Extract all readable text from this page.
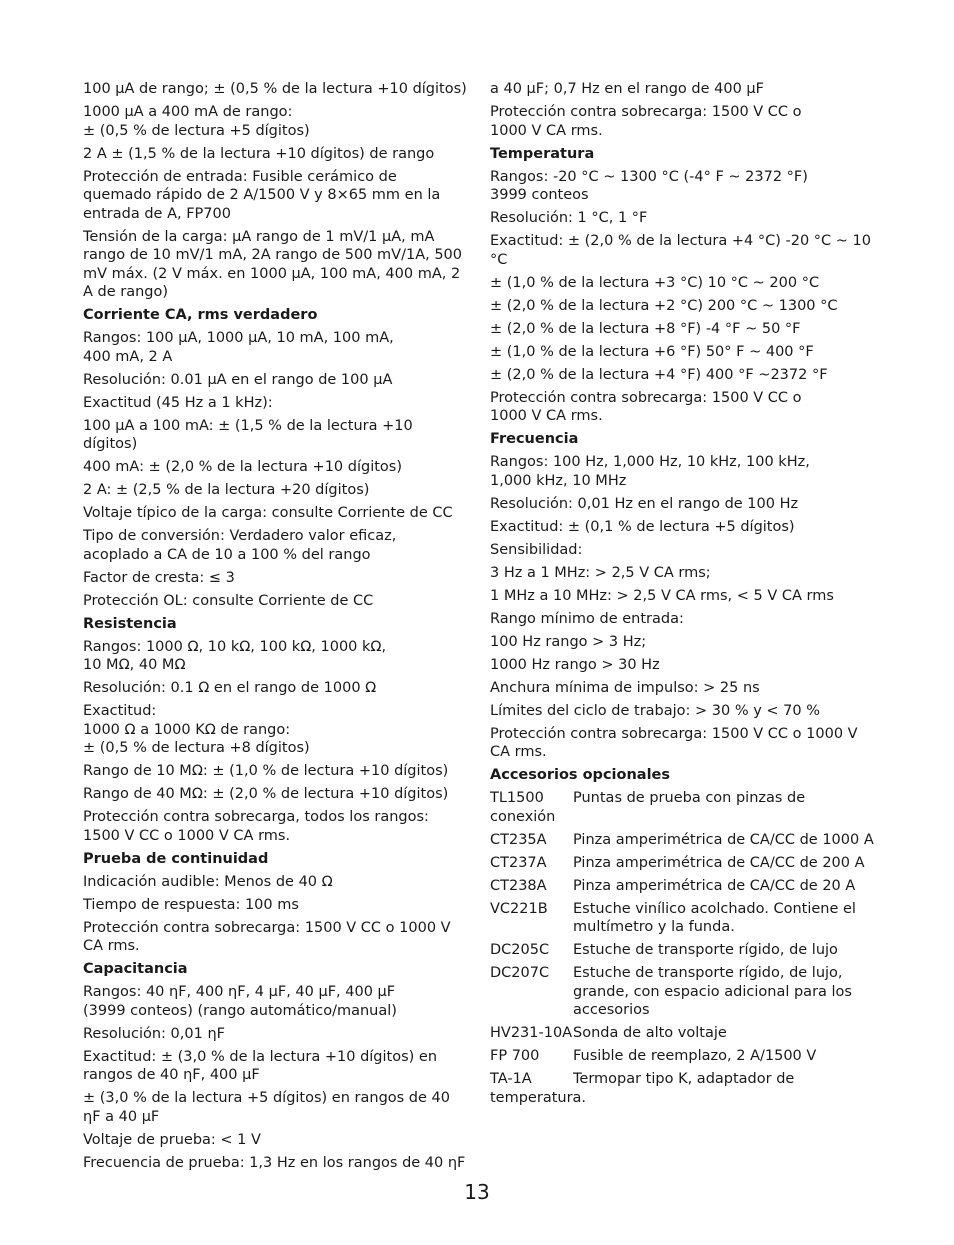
100 µA de rango; ± (0,5 % de la lectura +10 dígitos)
1000 µA a 400 mA de rango:
± (0,5 % de lectura +5 dígitos)
2 A ± (1,5 % de la lectura +10 dígitos) de rango
Protección de entrada: Fusible cerámico de quemado rápido de 2 A/1500 V y 8×65 mm en la entrada de A, FP700
Tensión de la carga: µA rango de 1 mV/1 µA, mA rango de 10 mV/1 mA, 2A rango de 500 mV/1A, 500 mV máx. (2 V máx. en 1000 µA, 100 mA, 400 mA, 2 A de rango)
Corriente CA, rms verdadero
Rangos: 100 µA, 1000 µA, 10 mA, 100 mA,
400 mA, 2 A
Resolución: 0.01 µA en el rango de 100 µA
Exactitud (45 Hz a 1 kHz):
100 µA a 100 mA: ± (1,5 % de la lectura +10 dígitos)
400 mA: ± (2,0 % de la lectura +10 dígitos)
2 A: ± (2,5 % de la lectura +20 dígitos)
Voltaje típico de la carga: consulte Corriente de CC
Tipo de conversión: Verdadero valor eficaz,
acoplado a CA de 10 a 100 % del rango
Factor de cresta: ≤ 3
Protección OL: consulte Corriente de CC
Resistencia
Rangos: 1000 Ω, 10 kΩ, 100 kΩ, 1000 kΩ,
10 MΩ, 40 MΩ
Resolución: 0.1 Ω en el rango de 1000 Ω
Exactitud:
1000 Ω a 1000 KΩ de rango:
± (0,5 % de lectura +8 dígitos)
Rango de 10 MΩ: ± (1,0 % de lectura +10 dígitos)
Rango de 40 MΩ: ± (2,0 % de lectura +10 dígitos)
Protección contra sobrecarga, todos los rangos:
1500 V CC o 1000 V CA rms.
Prueba de continuidad
Indicación audible: Menos de 40 Ω
Tiempo de respuesta: 100 ms
Protección contra sobrecarga: 1500 V CC o 1000 V CA rms.
Capacitancia
Rangos: 40 ηF, 400 ηF, 4 µF, 40 µF, 400 µF
(3999 conteos) (rango automático/manual)
Resolución: 0,01 ηF
Exactitud: ± (3,0 % de la lectura +10 dígitos) en rangos de 40 ηF, 400 µF
± (3,0 % de la lectura +5 dígitos) en rangos de 40 ηF a 40 µF
Voltaje de prueba: < 1 V
Frecuencia de prueba: 1,3 Hz en los rangos de 40 ηF
a 40 µF; 0,7 Hz en el rango de 400 µF
Protección contra sobrecarga: 1500 V CC o
1000 V CA rms.
Temperatura
Rangos: -20 °C ~ 1300 °C (-4° F ~ 2372 °F)
3999 conteos
Resolución: 1 °C, 1 °F
Exactitud: ± (2,0 % de la lectura +4 °C) -20 °C ~ 10 °C
± (1,0 % de la lectura +3 °C) 10 °C ~ 200 °C
± (2,0 % de la lectura +2 °C) 200 °C ~ 1300 °C
± (2,0 % de la lectura +8 °F) -4 °F ~ 50 °F
± (1,0 % de la lectura +6 °F) 50° F ~ 400 °F
± (2,0 % de la lectura +4 °F) 400 °F ~2372 °F
Protección contra sobrecarga: 1500 V CC o
1000 V CA rms.
Frecuencia
Rangos: 100 Hz, 1,000 Hz, 10 kHz, 100 kHz,
1,000 kHz, 10 MHz
Resolución: 0,01 Hz en el rango de 100 Hz
Exactitud: ± (0,1 % de lectura +5 dígitos)
Sensibilidad:
3 Hz a 1 MHz: > 2,5 V CA rms;
1 MHz a 10 MHz: > 2,5 V CA rms, < 5 V CA rms
Rango mínimo de entrada:
100 Hz rango > 3 Hz;
1000 Hz rango > 30 Hz
Anchura mínima de impulso: > 25 ns
Límites del ciclo de trabajo: > 30 % y < 70 %
Protección contra sobrecarga: 1500 V CC o 1000 V CA rms.
Accesorios opcionales
TL1500 Puntas de prueba con pinzas de conexión
CT235A Pinza amperimétrica de CA/CC de 1000 A
CT237A	Pinza amperimétrica de CA/CC de 200 A
CT238A	Pinza amperimétrica de CA/CC de 20 A
VC221B	Estuche vinílico acolchado. Contiene el multímetro y la funda.
DC205C	Estuche de transporte rígido, de lujo
DC207C	Estuche de transporte rígido, de lujo, grande, con espacio adicional para los accesorios
HV231-10A Sonda de alto voltaje
FP 700	Fusible de reemplazo, 2 A/1500 V
TA-1A	Termopar tipo K, adaptador de temperatura.
13
